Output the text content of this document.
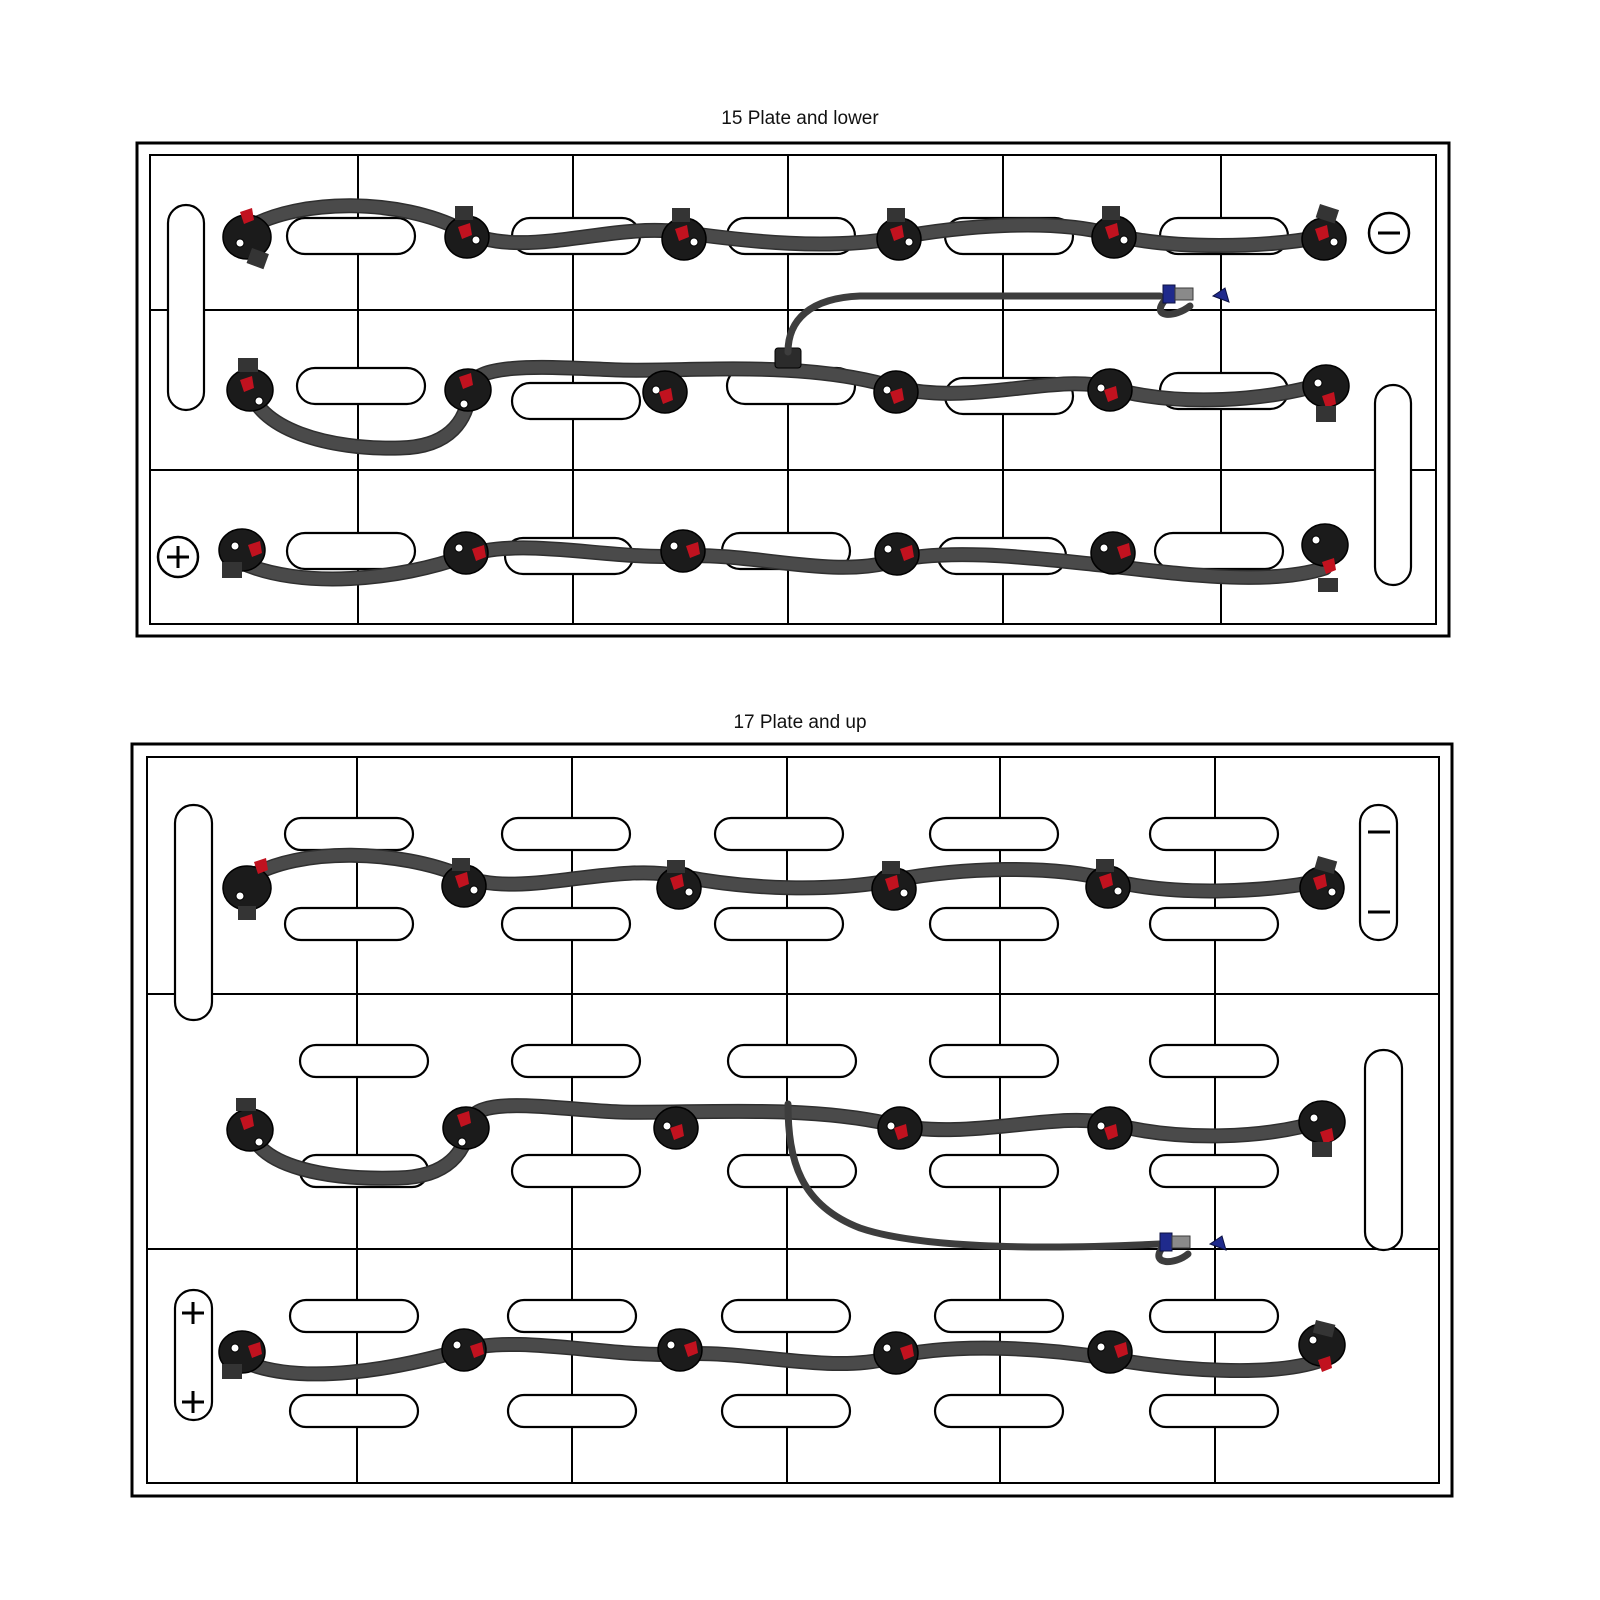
15 Plate and lower
17 Plate and up
